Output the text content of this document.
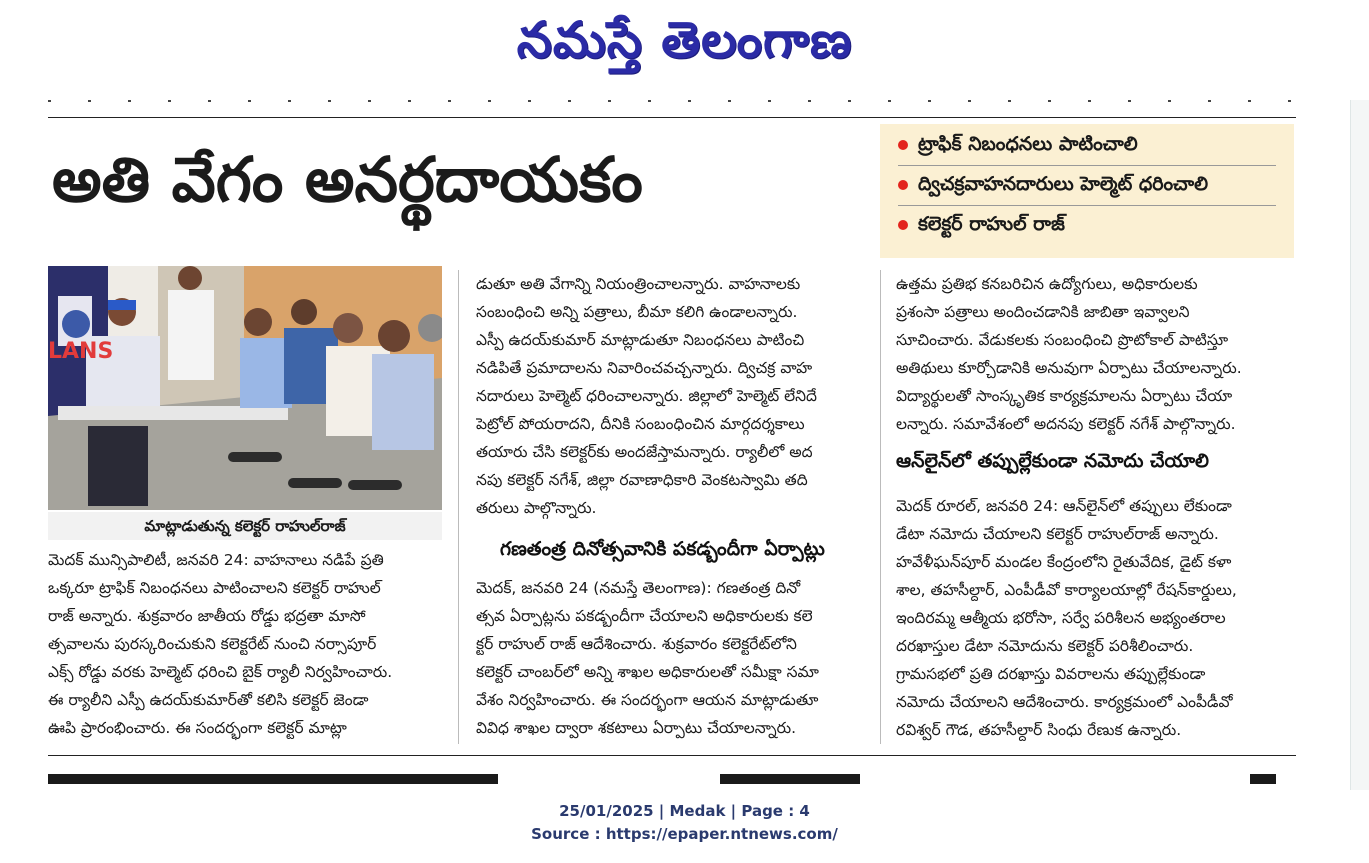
నమస్తే తెలంగాణ
అతి వేగం అనర్థదాయకం	ట్రాఫిక్ నిబంధనలు పాటించాలి
ద్విచక్రవాహనదారులు హెల్మెట్ ధరించాలి
కలెక్టర్ రాహుల్ రాజ్
LANS
మాట్లాడుతున్న కలెక్టర్ రాహుల్‌రాజ్

మెదక్ మున్సిపాలిటీ, జనవరి 24: వాహనాలు నడిపే ప్రతి

ఒక్కరూ ట్రాఫిక్ నిబంధనలు పాటించాలని కలెక్టర్ రాహుల్

రాజ్ అన్నారు. శుక్రవారం జాతీయ రోడ్డు భద్రతా మాసో

త్సవాలను పురస్కరించుకుని కలెక్టరేట్ నుంచి నర్సాపూర్

ఎక్స్ రోడ్డు వరకు హెల్మెట్ ధరించి బైక్ ర్యాలీ నిర్వహించారు.

ఈ ర్యాలీని ఎస్పీ ఉదయ్‌కుమార్‌తో కలిసి కలెక్టర్ జెండా

ఊపి ప్రారంభించారు. ఈ సందర్భంగా కలెక్టర్ మాట్లా

డుతూ అతి వేగాన్ని నియంత్రించాలన్నారు. వాహనాలకు

సంబంధించి అన్ని పత్రాలు, బీమా కలిగి ఉండాలన్నారు.

ఎస్పీ ఉదయ్‌కుమార్ మాట్లాడుతూ నిబంధనలు పాటించి

నడిపితే ప్రమాదాలను నివారించవచ్చన్నారు. ద్విచక్ర వాహ

నదారులు హెల్మెట్ ధరించాలన్నారు. జిల్లాలో హెల్మెట్ లేనిదే

పెట్రోల్ పోయరాదని, దీనికి సంబంధించిన మార్గదర్శకాలు

తయారు చేసి కలెక్టర్‌కు అందజేస్తామన్నారు. ర్యాలీలో అద

నపు కలెక్టర్ నగేశ్, జిల్లా రవాణాధికారి వెంకటస్వామి తది

తరులు పాల్గొన్నారు.

గణతంత్ర దినోత్సవానికి పకడ్బందీగా ఏర్పాట్లు

మెదక్, జనవరి 24 (నమస్తే తెలంగాణ): గణతంత్ర దినో

త్సవ ఏర్పాట్లను పకడ్బందీగా చేయాలని అధికారులకు కలె

క్టర్ రాహుల్ రాజ్ ఆదేశించారు. శుక్రవారం కలెక్టరేట్‌లోని

కలెక్టర్ చాంబర్‌లో అన్ని శాఖల అధికారులతో సమీక్షా సమా

వేశం నిర్వహించారు. ఈ సందర్భంగా ఆయన మాట్లాడుతూ

వివిధ శాఖల ద్వారా శకటాలు ఏర్పాటు చేయాలన్నారు.

ఉత్తమ ప్రతిభ కనబరిచిన ఉద్యోగులు, అధికారులకు

ప్రశంసా పత్రాలు అందించడానికి జాబితా ఇవ్వాలని

సూచించారు. వేడుకలకు సంబంధించి ప్రొటోకాల్ పాటిస్తూ

అతిథులు కూర్చోడానికి అనువుగా ఏర్పాటు చేయాలన్నారు.

విద్యార్థులతో సాంస్కృతిక కార్యక్రమాలను ఏర్పాటు చేయా

లన్నారు. సమావేశంలో అదనపు కలెక్టర్ నగేశ్ పాల్గొన్నారు.

ఆన్‌లైన్‌లో తప్పుల్లేకుండా నమోదు చేయాలి

మెదక్ రూరల్, జనవరి 24: ఆన్‌లైన్‌లో తప్పులు లేకుండా

డేటా నమోదు చేయాలని కలెక్టర్ రాహుల్‌రాజ్ అన్నారు.

హవేళీఘన్‌పూర్ మండల కేంద్రంలోని రైతువేదిక, డైట్ కళా

శాల, తహసీల్దార్, ఎంపీడీవో కార్యాలయాల్లో రేషన్‌కార్డులు,

ఇందిరమ్మ ఆత్మీయ భరోసా, సర్వే పరిశీలన అభ్యంతరాల

దరఖాస్తుల డేటా నమోదును కలెక్టర్ పరిశీలించారు.

గ్రామసభలో ప్రతి దరఖాస్తు వివరాలను తప్పుల్లేకుండా

నమోదు చేయాలని ఆదేశించారు. కార్యక్రమంలో ఎంపీడీవో

రవిశ్వర్ గౌడ, తహసీల్దార్ సింధు రేణుక ఉన్నారు.

25/01/2025 | Medak | Page : 4
Source : https://epaper.ntnews.com/
